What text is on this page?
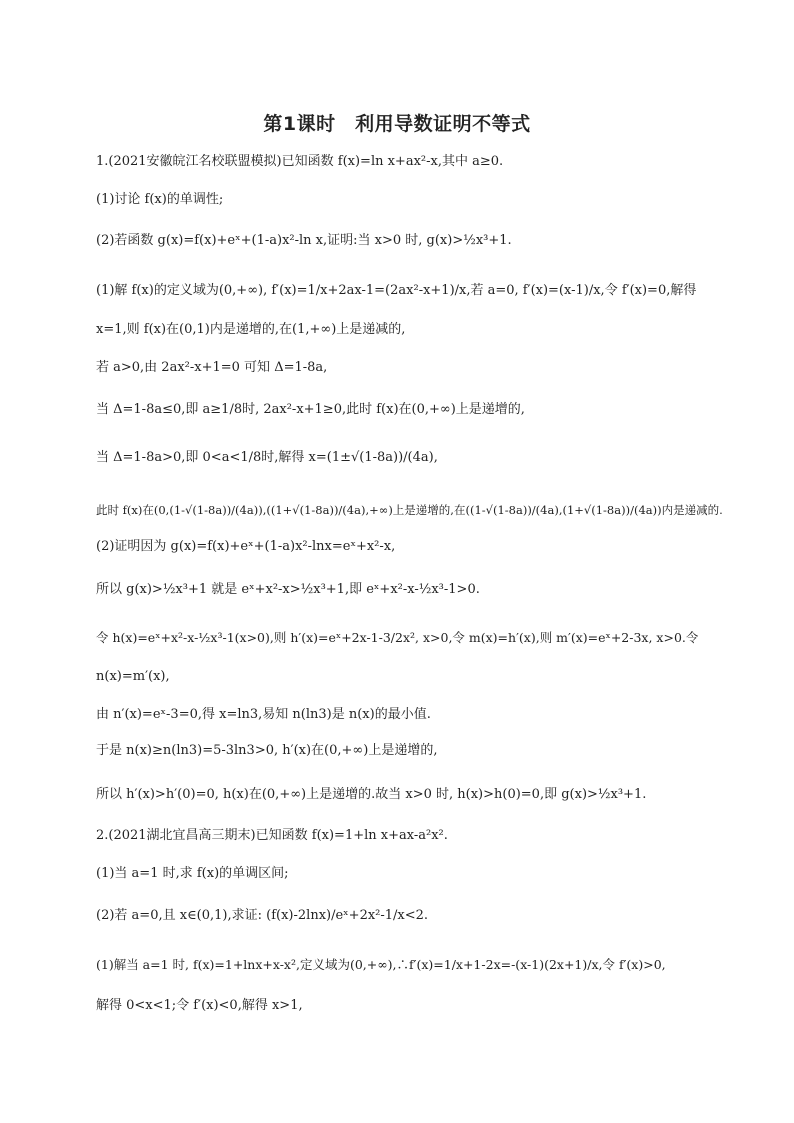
第1课时　利用导数证明不等式
1.(2021安徽皖江名校联盟模拟)已知函数 f(x)=ln x+ax²-x,其中 a≥0.
(1)讨论 f(x)的单调性;
(2)若函数 g(x)=f(x)+eˣ+(1-a)x²-ln x,证明:当 x>0 时, g(x)>½x³+1.
(1)解 f(x)的定义域为(0,+∞), f′(x)=1/x+2ax-1=(2ax²-x+1)/x,若 a=0, f′(x)=(x-1)/x,令 f′(x)=0,解得
x=1,则 f(x)在(0,1)内是递增的,在(1,+∞)上是递减的,
若 a>0,由 2ax²-x+1=0 可知 Δ=1-8a,
当 Δ=1-8a≤0,即 a≥1/8时, 2ax²-x+1≥0,此时 f(x)在(0,+∞)上是递增的,
当 Δ=1-8a>0,即 0<a<1/8时,解得 x=(1±√(1-8a))/(4a),
此时 f(x)在(0,(1-√(1-8a))/(4a)),((1+√(1-8a))/(4a),+∞)上是递增的,在((1-√(1-8a))/(4a),(1+√(1-8a))/(4a))内是递减的.
(2)证明因为 g(x)=f(x)+eˣ+(1-a)x²-lnx=eˣ+x²-x,
所以 g(x)>½x³+1 就是 eˣ+x²-x>½x³+1,即 eˣ+x²-x-½x³-1>0.
令 h(x)=eˣ+x²-x-½x³-1(x>0),则 h′(x)=eˣ+2x-1-3/2x², x>0,令 m(x)=h′(x),则 m′(x)=eˣ+2-3x, x>0.令
n(x)=m′(x),
由 n′(x)=eˣ-3=0,得 x=ln3,易知 n(ln3)是 n(x)的最小值.
于是 n(x)≥n(ln3)=5-3ln3>0, h′(x)在(0,+∞)上是递增的,
所以 h′(x)>h′(0)=0, h(x)在(0,+∞)上是递增的.故当 x>0 时, h(x)>h(0)=0,即 g(x)>½x³+1.
2.(2021湖北宜昌高三期末)已知函数 f(x)=1+ln x+ax-a²x².
(1)当 a=1 时,求 f(x)的单调区间;
(2)若 a=0,且 x∈(0,1),求证: (f(x)-2lnx)/eˣ+2x²-1/x<2.
(1)解当 a=1 时, f(x)=1+lnx+x-x²,定义域为(0,+∞),∴f′(x)=1/x+1-2x=-(x-1)(2x+1)/x,令 f′(x)>0,
解得 0<x<1;令 f′(x)<0,解得 x>1,
